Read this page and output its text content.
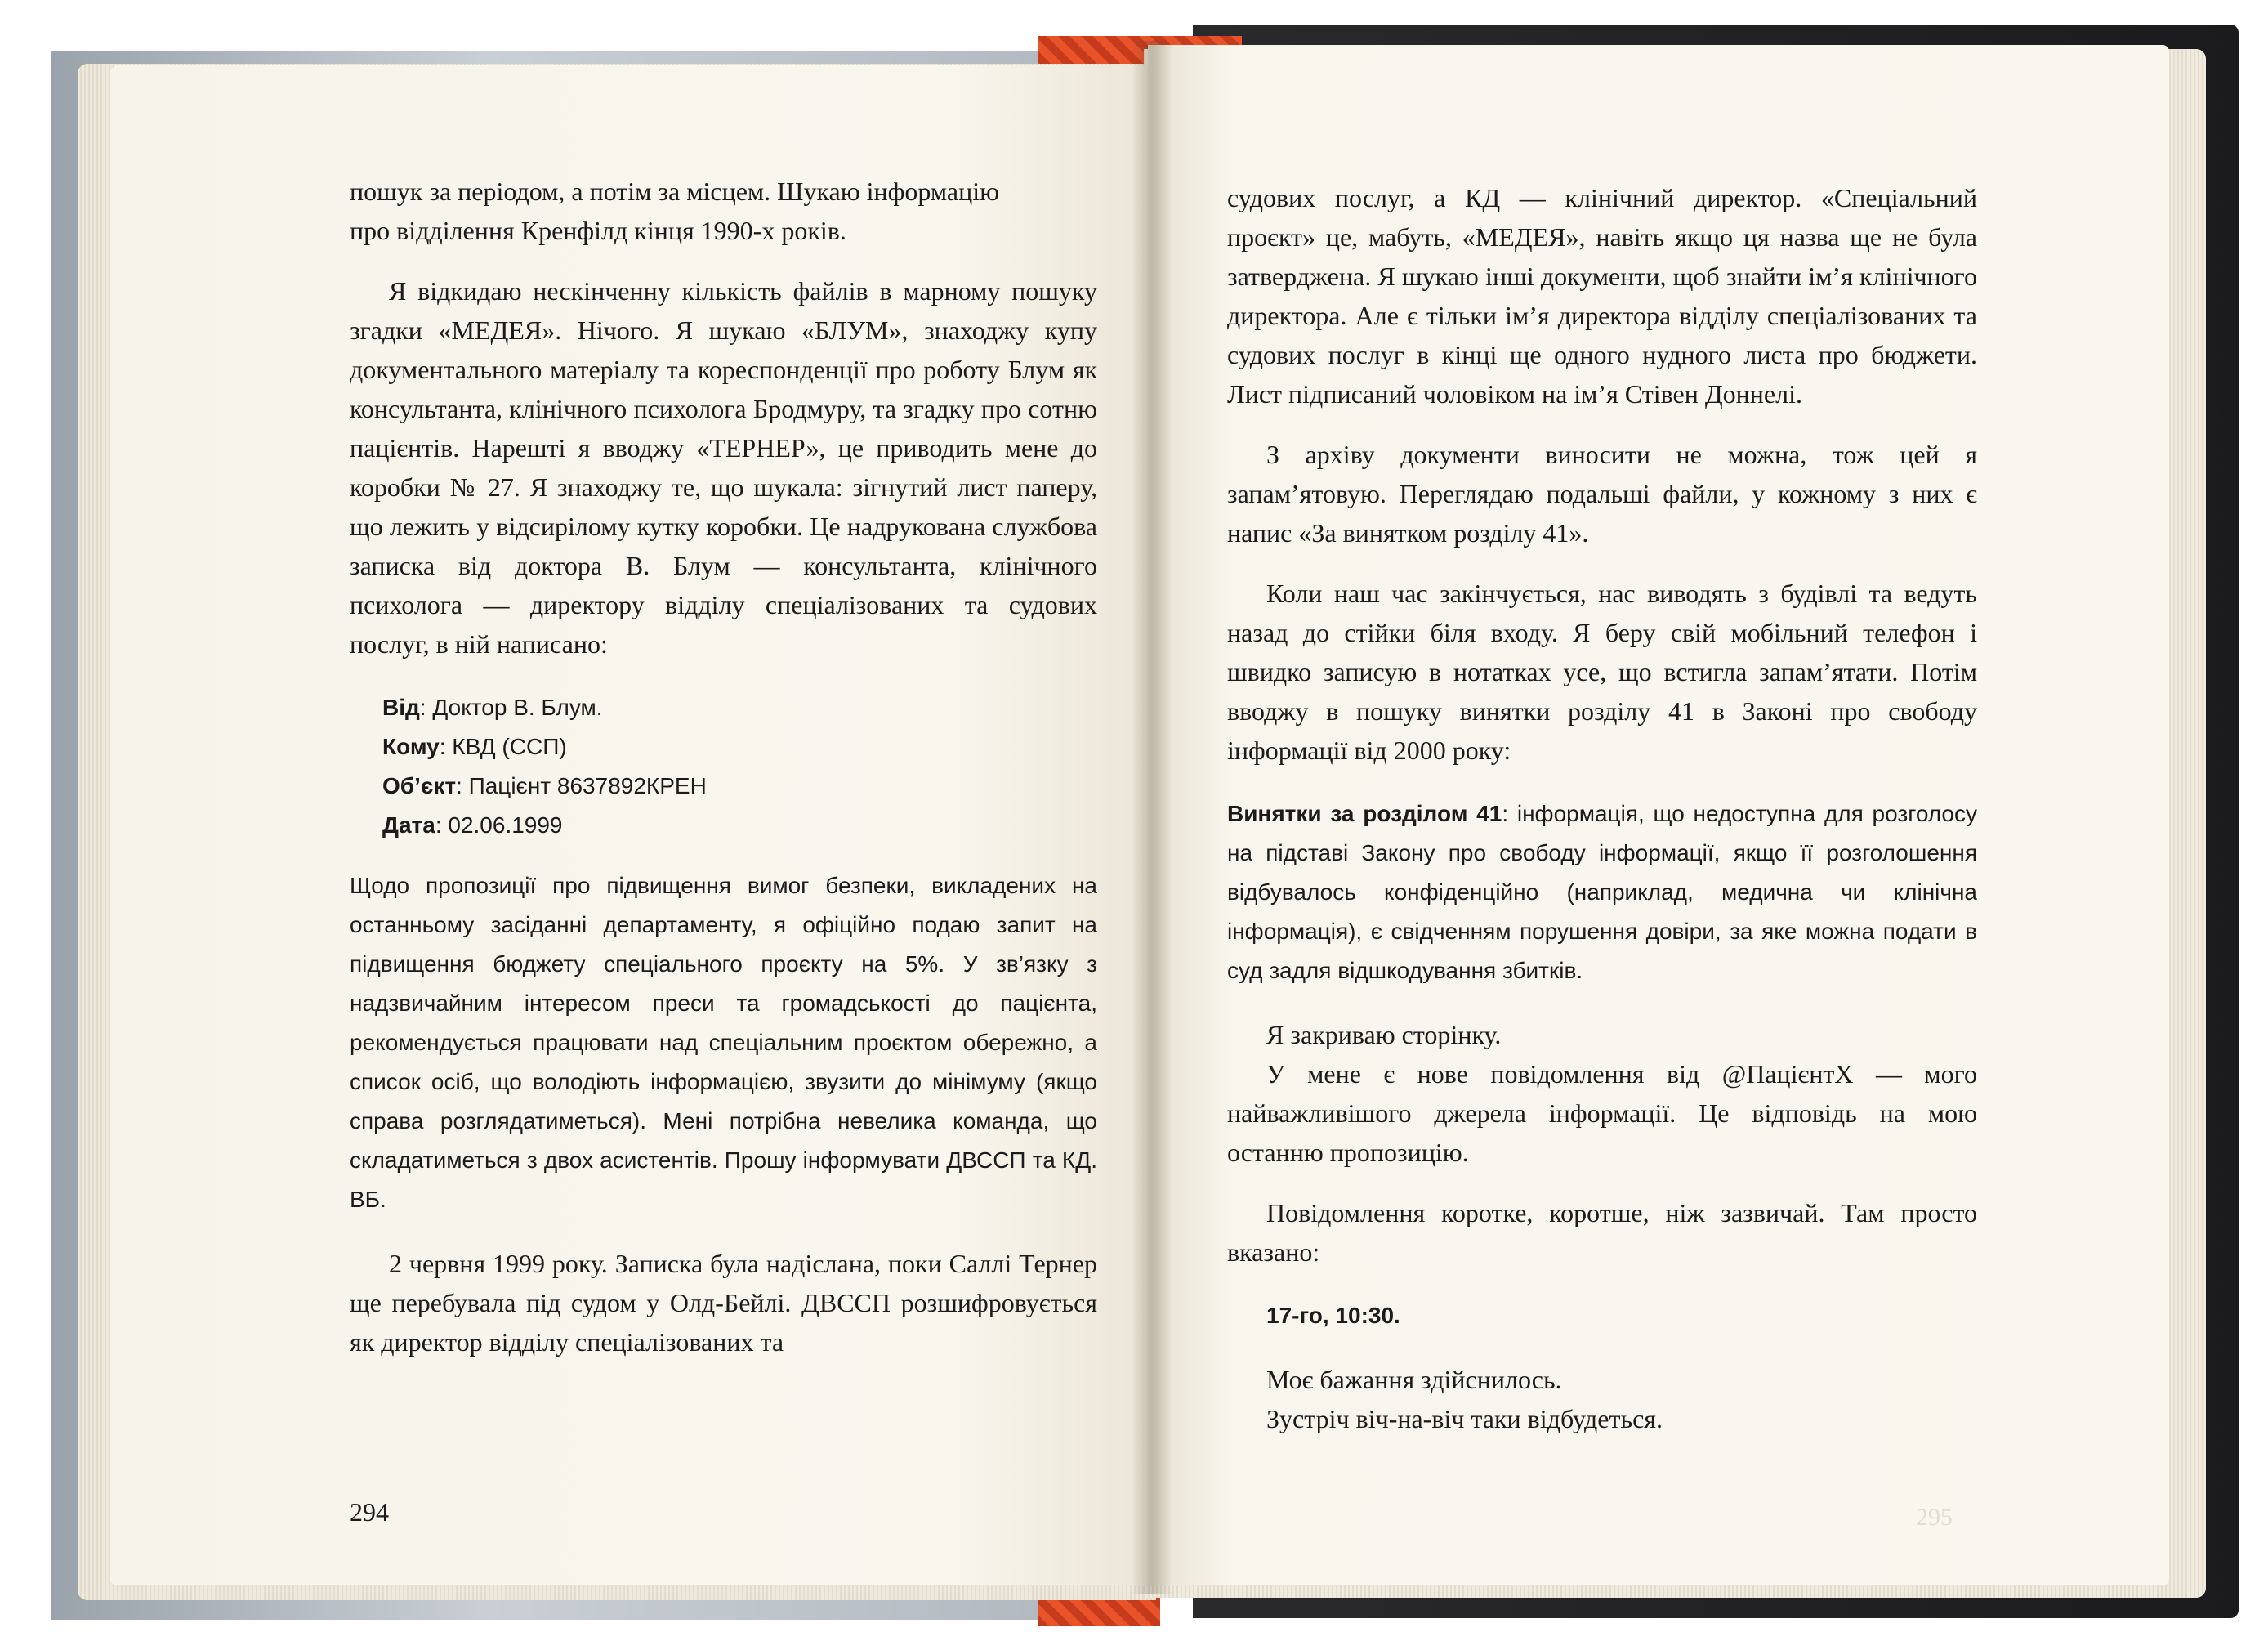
пошук за періодом, а потім за місцем. Шукаю інформацію

про відділення Кренфілд кінця 1990-х років.

Я відкидаю нескінченну кількість файлів в марному пошуку згадки «МЕДЕЯ». Нічого. Я шукаю «БЛУМ», знаходжу купу документального матеріалу та кореспонденції про роботу Блум як консультанта, клінічного психолога Бродмуру, та згадку про сотню пацієнтів. Нарешті я вводжу «ТЕРНЕР», це приводить мене до коробки № 27. Я знаходжу те, що шукала: зігнутий лист паперу, що лежить у відсирілому кутку коробки. Це надрукована службова записка від доктора В. Блум — консультанта, клінічного психолога — директору відділу спеціалізованих та судових послуг, в ній написано:

Від: Доктор В. Блум.
Кому: КВД (ССП)
Об’єкт: Пацієнт 8637892КРЕН
Дата: 02.06.1999

Щодо пропозиції про підвищення вимог безпеки, викладених на останньому засіданні департаменту, я офіційно подаю запит на підвищення бюджету спеціального проєкту на 5%. У зв’язку з надзвичайним інтересом преси та громадськості до пацієнта, рекомендується працювати над спеціальним проєктом обережно, а список осіб, що володіють інформацією, звузити до мінімуму (якщо справа розглядатиметься). Мені потрібна невелика команда, що складатиметься з двох асистентів. Прошу інформувати ДВССП та КД. ВБ.

2 червня 1999 року. Записка була надіслана, поки Саллі Тернер ще перебувала під судом у Олд-Бейлі. ДВССП розшифровується як директор відділу спеціалізованих та

294

судових послуг, а КД — клінічний директор. «Спеціальний проєкт» це, мабуть, «МЕДЕЯ», навіть якщо ця назва ще не була затверджена. Я шукаю інші документи, щоб знайти ім’я клінічного директора. Але є тільки ім’я директора відділу спеціалізованих та судових послуг в кінці ще одного нудного листа про бюджети. Лист підписаний чоловіком на ім’я Стівен Доннелі.

З архіву документи виносити не можна, тож цей я запам’ятовую. Переглядаю подальші файли, у кожному з них є напис «За винятком розділу 41».

Коли наш час закінчується, нас виводять з будівлі та ведуть назад до стійки біля входу. Я беру свій мобільний телефон і швидко записую в нотатках усе, що встигла запам’ятати. Потім вводжу в пошуку винятки розділу 41 в Законі про свободу інформації від 2000 року:

Винятки за розділом 41: інформація, що недоступна для розголосу на підставі Закону про свободу інформації, якщо її розголошення відбувалось конфіденційно (наприклад, медична чи клінічна інформація), є свідченням порушення довіри, за яке можна подати в суд задля відшкодування збитків.

Я закриваю сторінку.

У мене є нове повідомлення від @ПацієнтX — мого найважливішого джерела інформації. Це відповідь на мою останню пропозицію.

Повідомлення коротке, коротше, ніж зазвичай. Там просто вказано:

17-го, 10:30.

Моє бажання здійснилось.

Зустріч віч-на-віч таки відбудеться.

295
